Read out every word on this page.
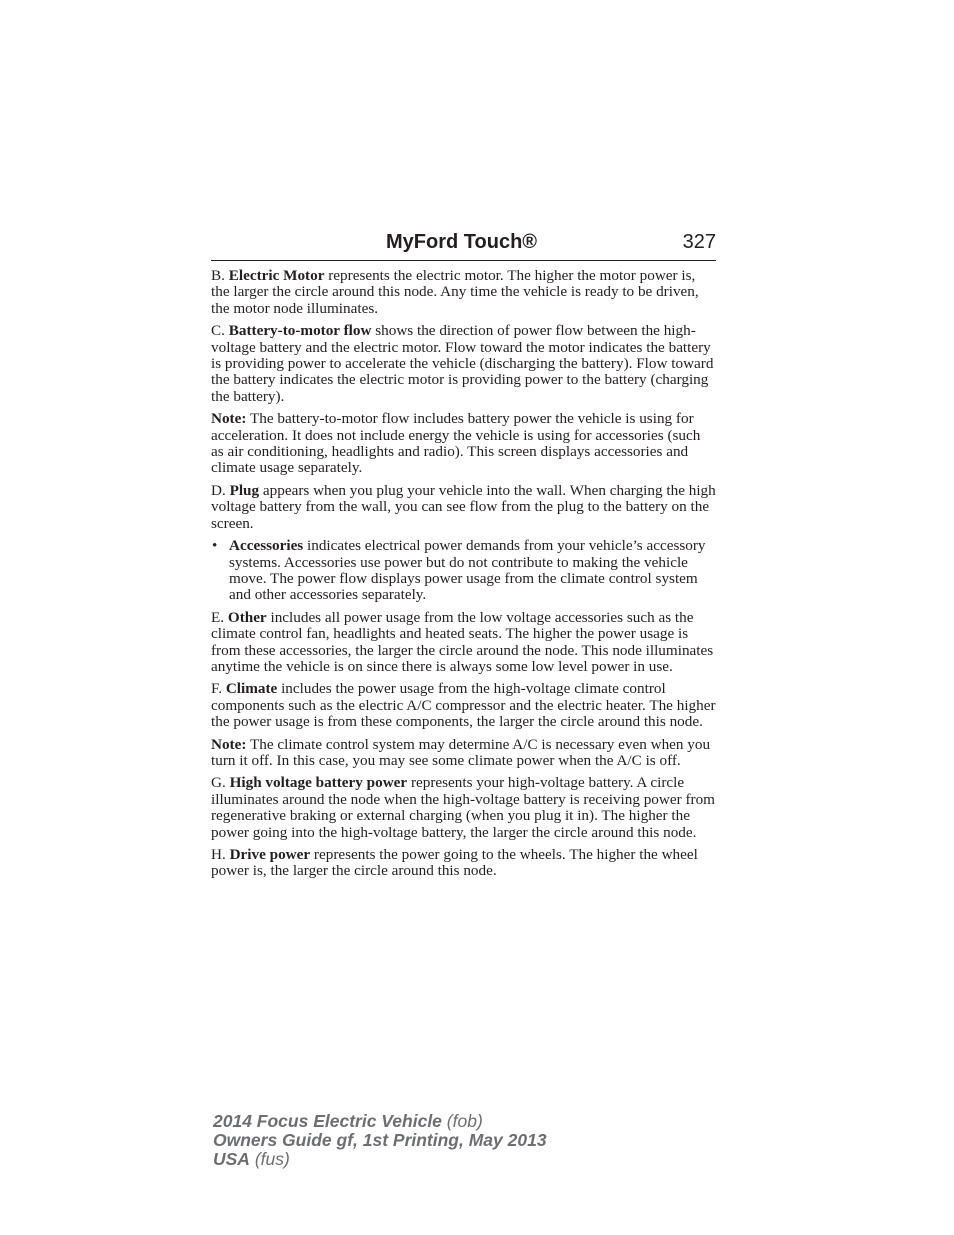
MyFord Touch®	327

B. Electric Motor represents the electric motor. The higher the motor power is, the larger the circle around this node. Any time the vehicle is ready to be driven, the motor node illuminates.

C. Battery-to-motor flow shows the direction of power flow between the high-voltage battery and the electric motor. Flow toward the motor indicates the battery is providing power to accelerate the vehicle (discharging the battery). Flow toward the battery indicates the electric motor is providing power to the battery (charging the battery).

Note: The battery-to-motor flow includes battery power the vehicle is using for acceleration. It does not include energy the vehicle is using for accessories (such as air conditioning, headlights and radio). This screen displays accessories and climate usage separately.

D. Plug appears when you plug your vehicle into the wall. When charging the high voltage battery from the wall, you can see flow from the plug to the battery on the screen.

• Accessories indicates electrical power demands from your vehicle’s accessory systems. Accessories use power but do not contribute to making the vehicle move. The power flow displays power usage from the climate control system and other accessories separately.

E. Other includes all power usage from the low voltage accessories such as the climate control fan, headlights and heated seats. The higher the power usage is from these accessories, the larger the circle around the node. This node illuminates anytime the vehicle is on since there is always some low level power in use.

F. Climate includes the power usage from the high-voltage climate control components such as the electric A/C compressor and the electric heater. The higher the power usage is from these components, the larger the circle around this node.

Note: The climate control system may determine A/C is necessary even when you turn it off. In this case, you may see some climate power when the A/C is off.

G. High voltage battery power represents your high-voltage battery. A circle illuminates around the node when the high-voltage battery is receiving power from regenerative braking or external charging (when you plug it in). The higher the power going into the high-voltage battery, the larger the circle around this node.

H. Drive power represents the power going to the wheels. The higher the wheel power is, the larger the circle around this node.

2014 Focus Electric Vehicle (fob)
Owners Guide gf, 1st Printing, May 2013
USA (fus)
